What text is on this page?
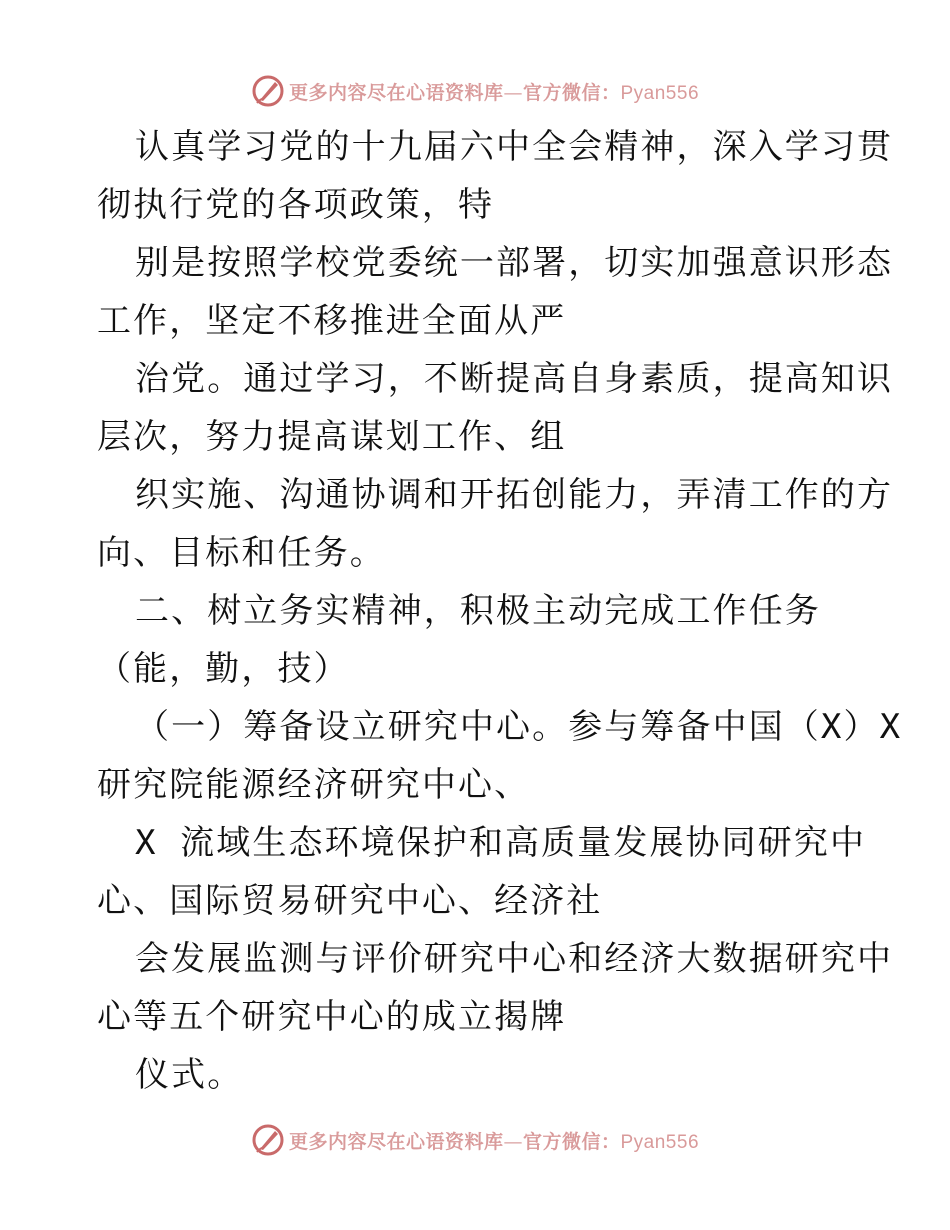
更多内容尽在心语资料库—官方微信：Pyan556
认真学习党的十九届六中全会精神，深入学习贯
彻执行党的各项政策，特
别是按照学校党委统一部署，切实加强意识形态
工作，坚定不移推进全面从严
治党。通过学习，不断提高自身素质，提高知识
层次，努力提高谋划工作、组
织实施、沟通协调和开拓创能力，弄清工作的方
向、目标和任务。
二、树立务实精神，积极主动完成工作任务
（能，勤，技）
（一）筹备设立研究中心。参与筹备中国（X）X
研究院能源经济研究中心、
X 流域生态环境保护和高质量发展协同研究中
心、国际贸易研究中心、经济社
会发展监测与评价研究中心和经济大数据研究中
心等五个研究中心的成立揭牌
仪式。
更多内容尽在心语资料库—官方微信：Pyan556
